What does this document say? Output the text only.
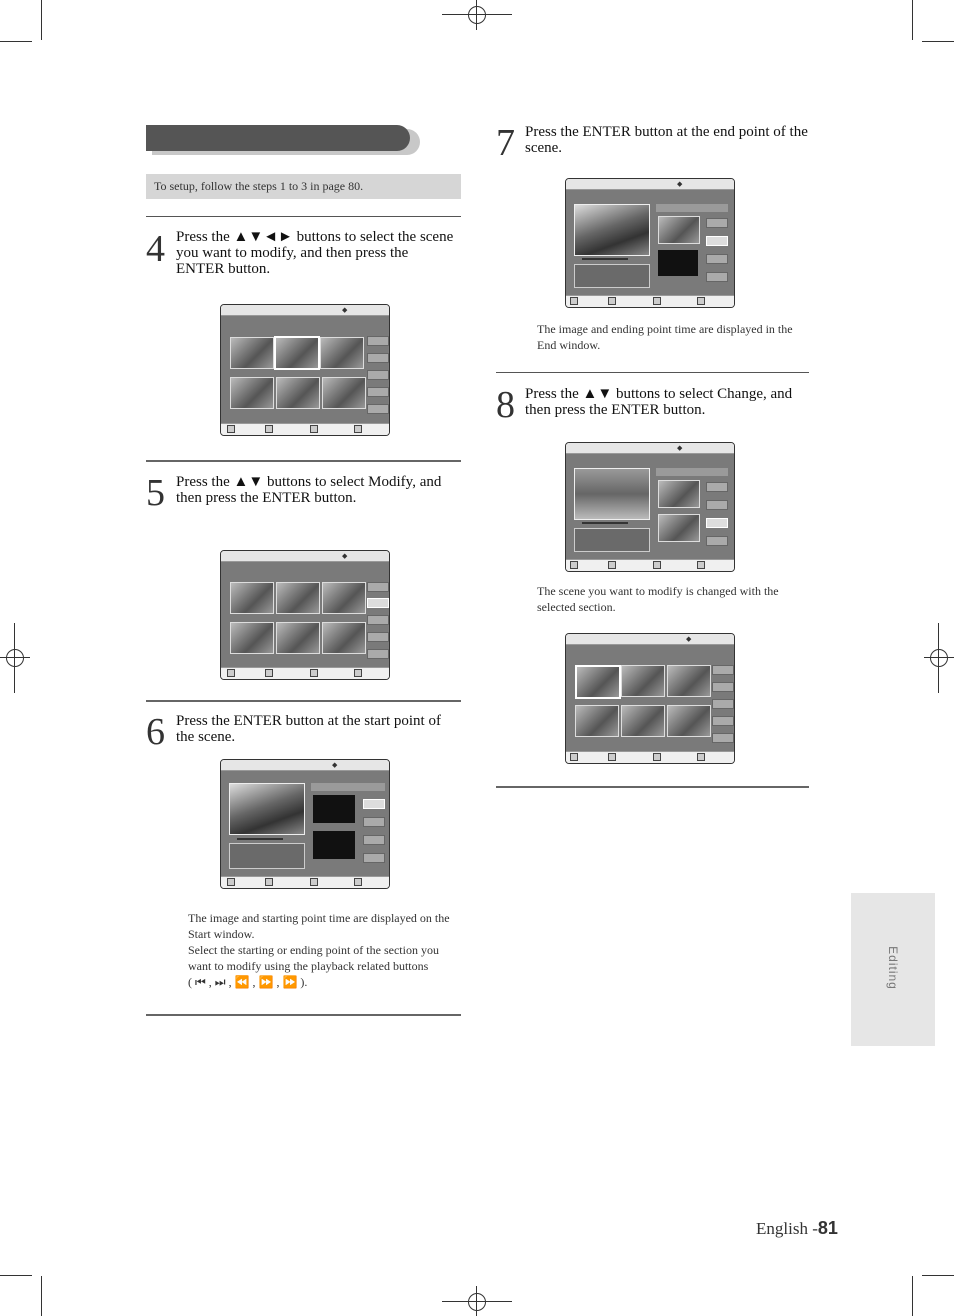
To setup, follow the steps 1 to 3 in page 80.
4 Press the ▲▼◄► buttons to select the scene you want to modify, and then press the ENTER button.
◆
5 Press the ▲▼ buttons to select Modify, and then press the ENTER button.
◆
6 Press the ENTER button at the start point of the scene.
◆
The image and starting point time are displayed on the Start window.
Select the starting or ending point of the section you want to modify using the playback related buttons
( ⏮ , ⏭ , ⏪ , ⏩ , ⏩ ).
7 Press the ENTER button at the end point of the scene.
◆
The image and ending point time are displayed in the End window.
8 Press the ▲▼ buttons to select Change, and then press the ENTER button.
◆
The scene you want to modify is changed with the selected section.
◆
Editing
English -81
